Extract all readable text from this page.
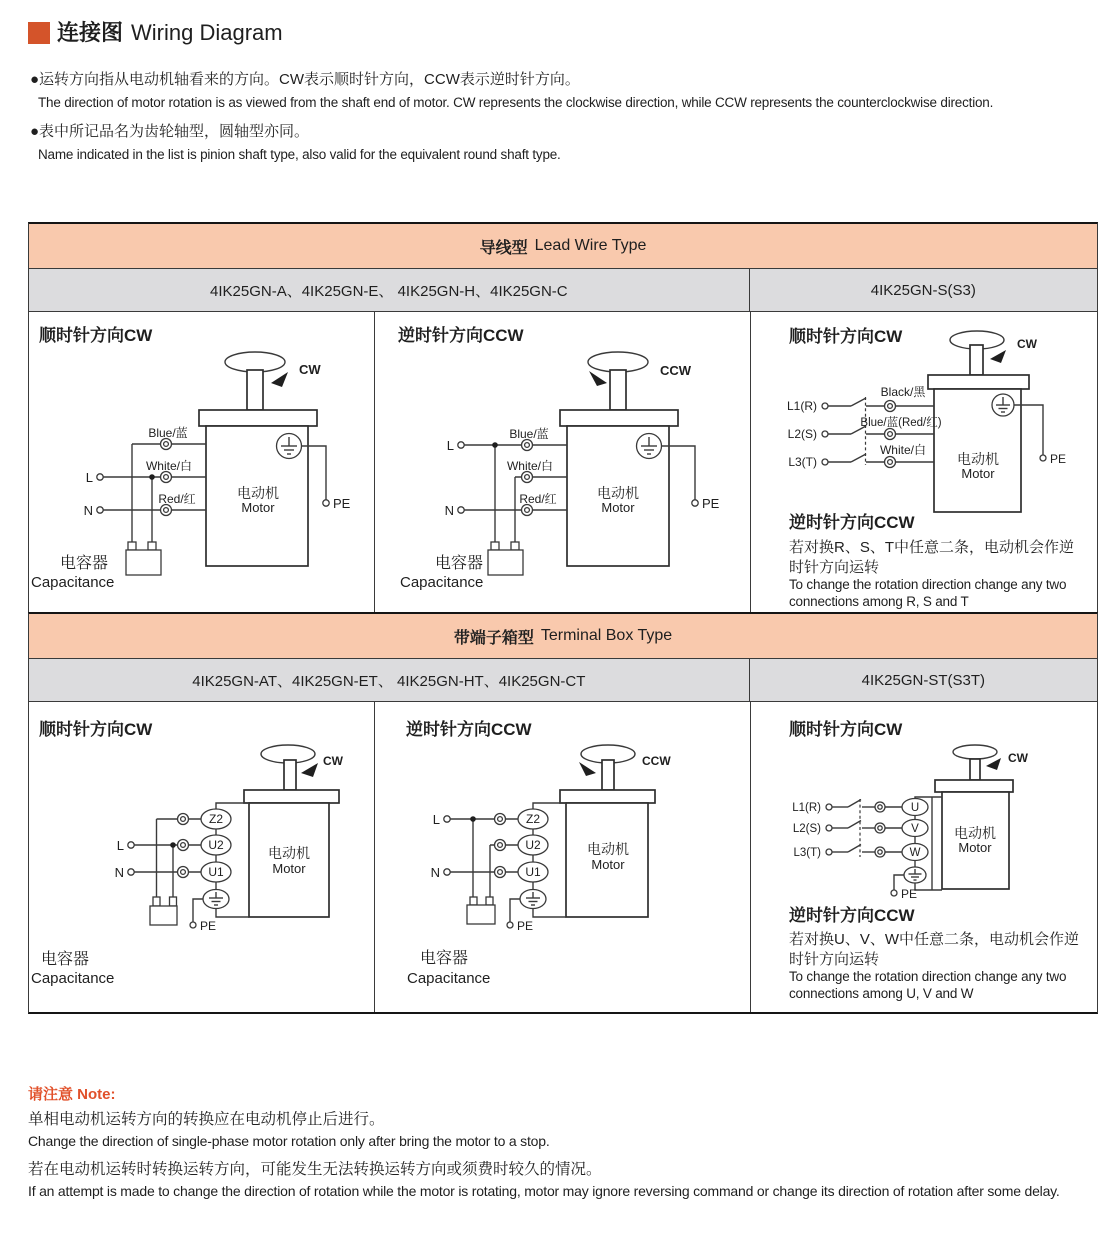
连接图 Wiring Diagram
●运转方向指从电动机轴看来的方向。CW表示顺时针方向，CCW表示逆时针方向。
The direction of motor rotation is as viewed from the shaft end of motor. CW represents the clockwise direction, while CCW represents the counterclockwise direction.
●表中所记品名为齿轮轴型，圆轴型亦同。
Name indicated in the list is pinion shaft type, also valid for the equivalent round shaft type.
导线型 Lead Wire Type
4IK25GN-A、4IK25GN-E、 4IK25GN-H、4IK25GN-C	4IK25GN-S(S3)
顺时针方向CW
CW
L
N
Blue/蓝
White/白
Red/红	PE
电动机
Motor
电容器
Capacitance
逆时针方向CCW
CCW
L
N
Blue/蓝
White/白
Red/红	PE
电动机
Motor
电容器
Capacitance
顺时针方向CW	CW
L1(R)
L2(S)
L3(T)
Black/黑
Blue/蓝(Red/红)
White/白
PE
电动机
Motor
逆时针方向CCW
若对换R、S、T中任意二条，电动机会作逆
时针方向运转
To change the rotation direction change any two
connections among R, S and T
带端子箱型 Terminal Box Type
4IK25GN-AT、4IK25GN-ET、 4IK25GN-HT、4IK25GN-CT	4IK25GN-ST(S3T)
顺时针方向CW
CW
Z2
U2
U1
L
N
PE
电动机
Motor
电容器
Capacitance
逆时针方向CCW
CCW
Z2
U2
U1
L
N
PE
电动机
Motor
电容器
Capacitance
顺时针方向CW
CW
U
V
W
L1(R)
L2(S)
L3(T)
PE
电动机
Motor
逆时针方向CCW
若对换U、V、W中任意二条，电动机会作逆
时针方向运转
To change the rotation direction change any two
connections among U, V and W
请注意 Note:
单相电动机运转方向的转换应在电动机停止后进行。
Change the direction of single-phase motor rotation only after bring the motor to a stop.
若在电动机运转时转换运转方向，可能发生无法转换运转方向或须费时较久的情况。
If an attempt is made to change the direction of rotation while the motor is rotating, motor may ignore reversing command or change its direction of rotation after some delay.
